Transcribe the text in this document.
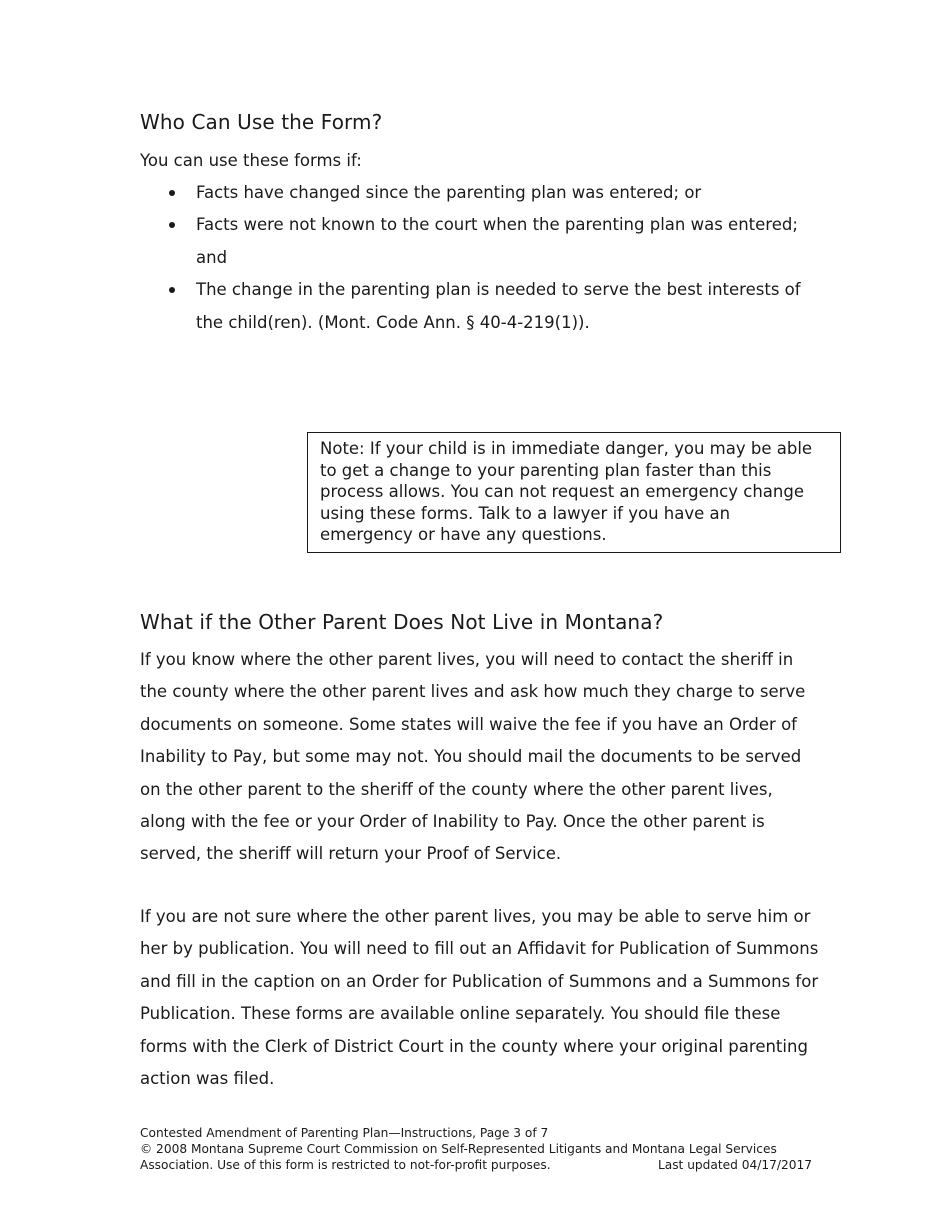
Who Can Use the Form?

You can use these forms if:

Facts have changed since the parenting plan was entered; or
Facts were not known to the court when the parenting plan was entered; and
The change in the parenting plan is needed to serve the best interests of the child(ren). (Mont. Code Ann. § 40-4-219(1)).
Note: If your child is in immediate danger, you may be able to get a change to your parenting plan faster than this process allows. You can not request an emergency change using these forms. Talk to a lawyer if you have an emergency or have any questions.
What if the Other Parent Does Not Live in Montana?

If you know where the other parent lives, you will need to contact the sheriff in the county where the other parent lives and ask how much they charge to serve documents on someone. Some states will waive the fee if you have an Order of Inability to Pay, but some may not. You should mail the documents to be served on the other parent to the sheriff of the county where the other parent lives, along with the fee or your Order of Inability to Pay. Once the other parent is served, the sheriff will return your Proof of Service.

If you are not sure where the other parent lives, you may be able to serve him or her by publication. You will need to fill out an Affidavit for Publication of Summons and fill in the caption on an Order for Publication of Summons and a Summons for Publication. These forms are available online separately. You should file these forms with the Clerk of District Court in the county where your original parenting action was filed.

Contested Amendment of Parenting Plan—Instructions, Page 3 of 7
© 2008 Montana Supreme Court Commission on Self-Represented Litigants and Montana Legal Services
Association. Use of this form is restricted to not-for-profit purposes.	Last updated 04/17/2017
